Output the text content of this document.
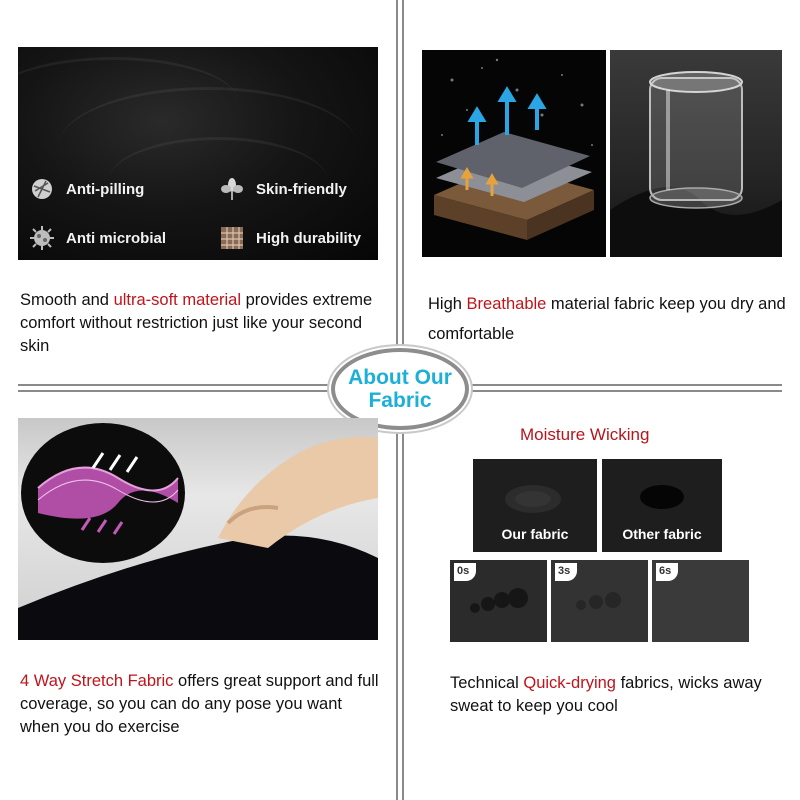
Anti-pilling	Skin-friendly
Anti microbial	High durability
Smooth and ultra-soft material provides extreme comfort without restriction just like your second skin
High Breathable material fabric keep you dry and comfortable
About Our
Fabric
4 Way Stretch Fabric offers great support and full coverage, so you can do any pose you want when you do exercise
Moisture Wicking
Our fabric	Other fabric
0s	3s	6s
Technical Quick-drying fabrics, wicks away sweat to keep you cool
